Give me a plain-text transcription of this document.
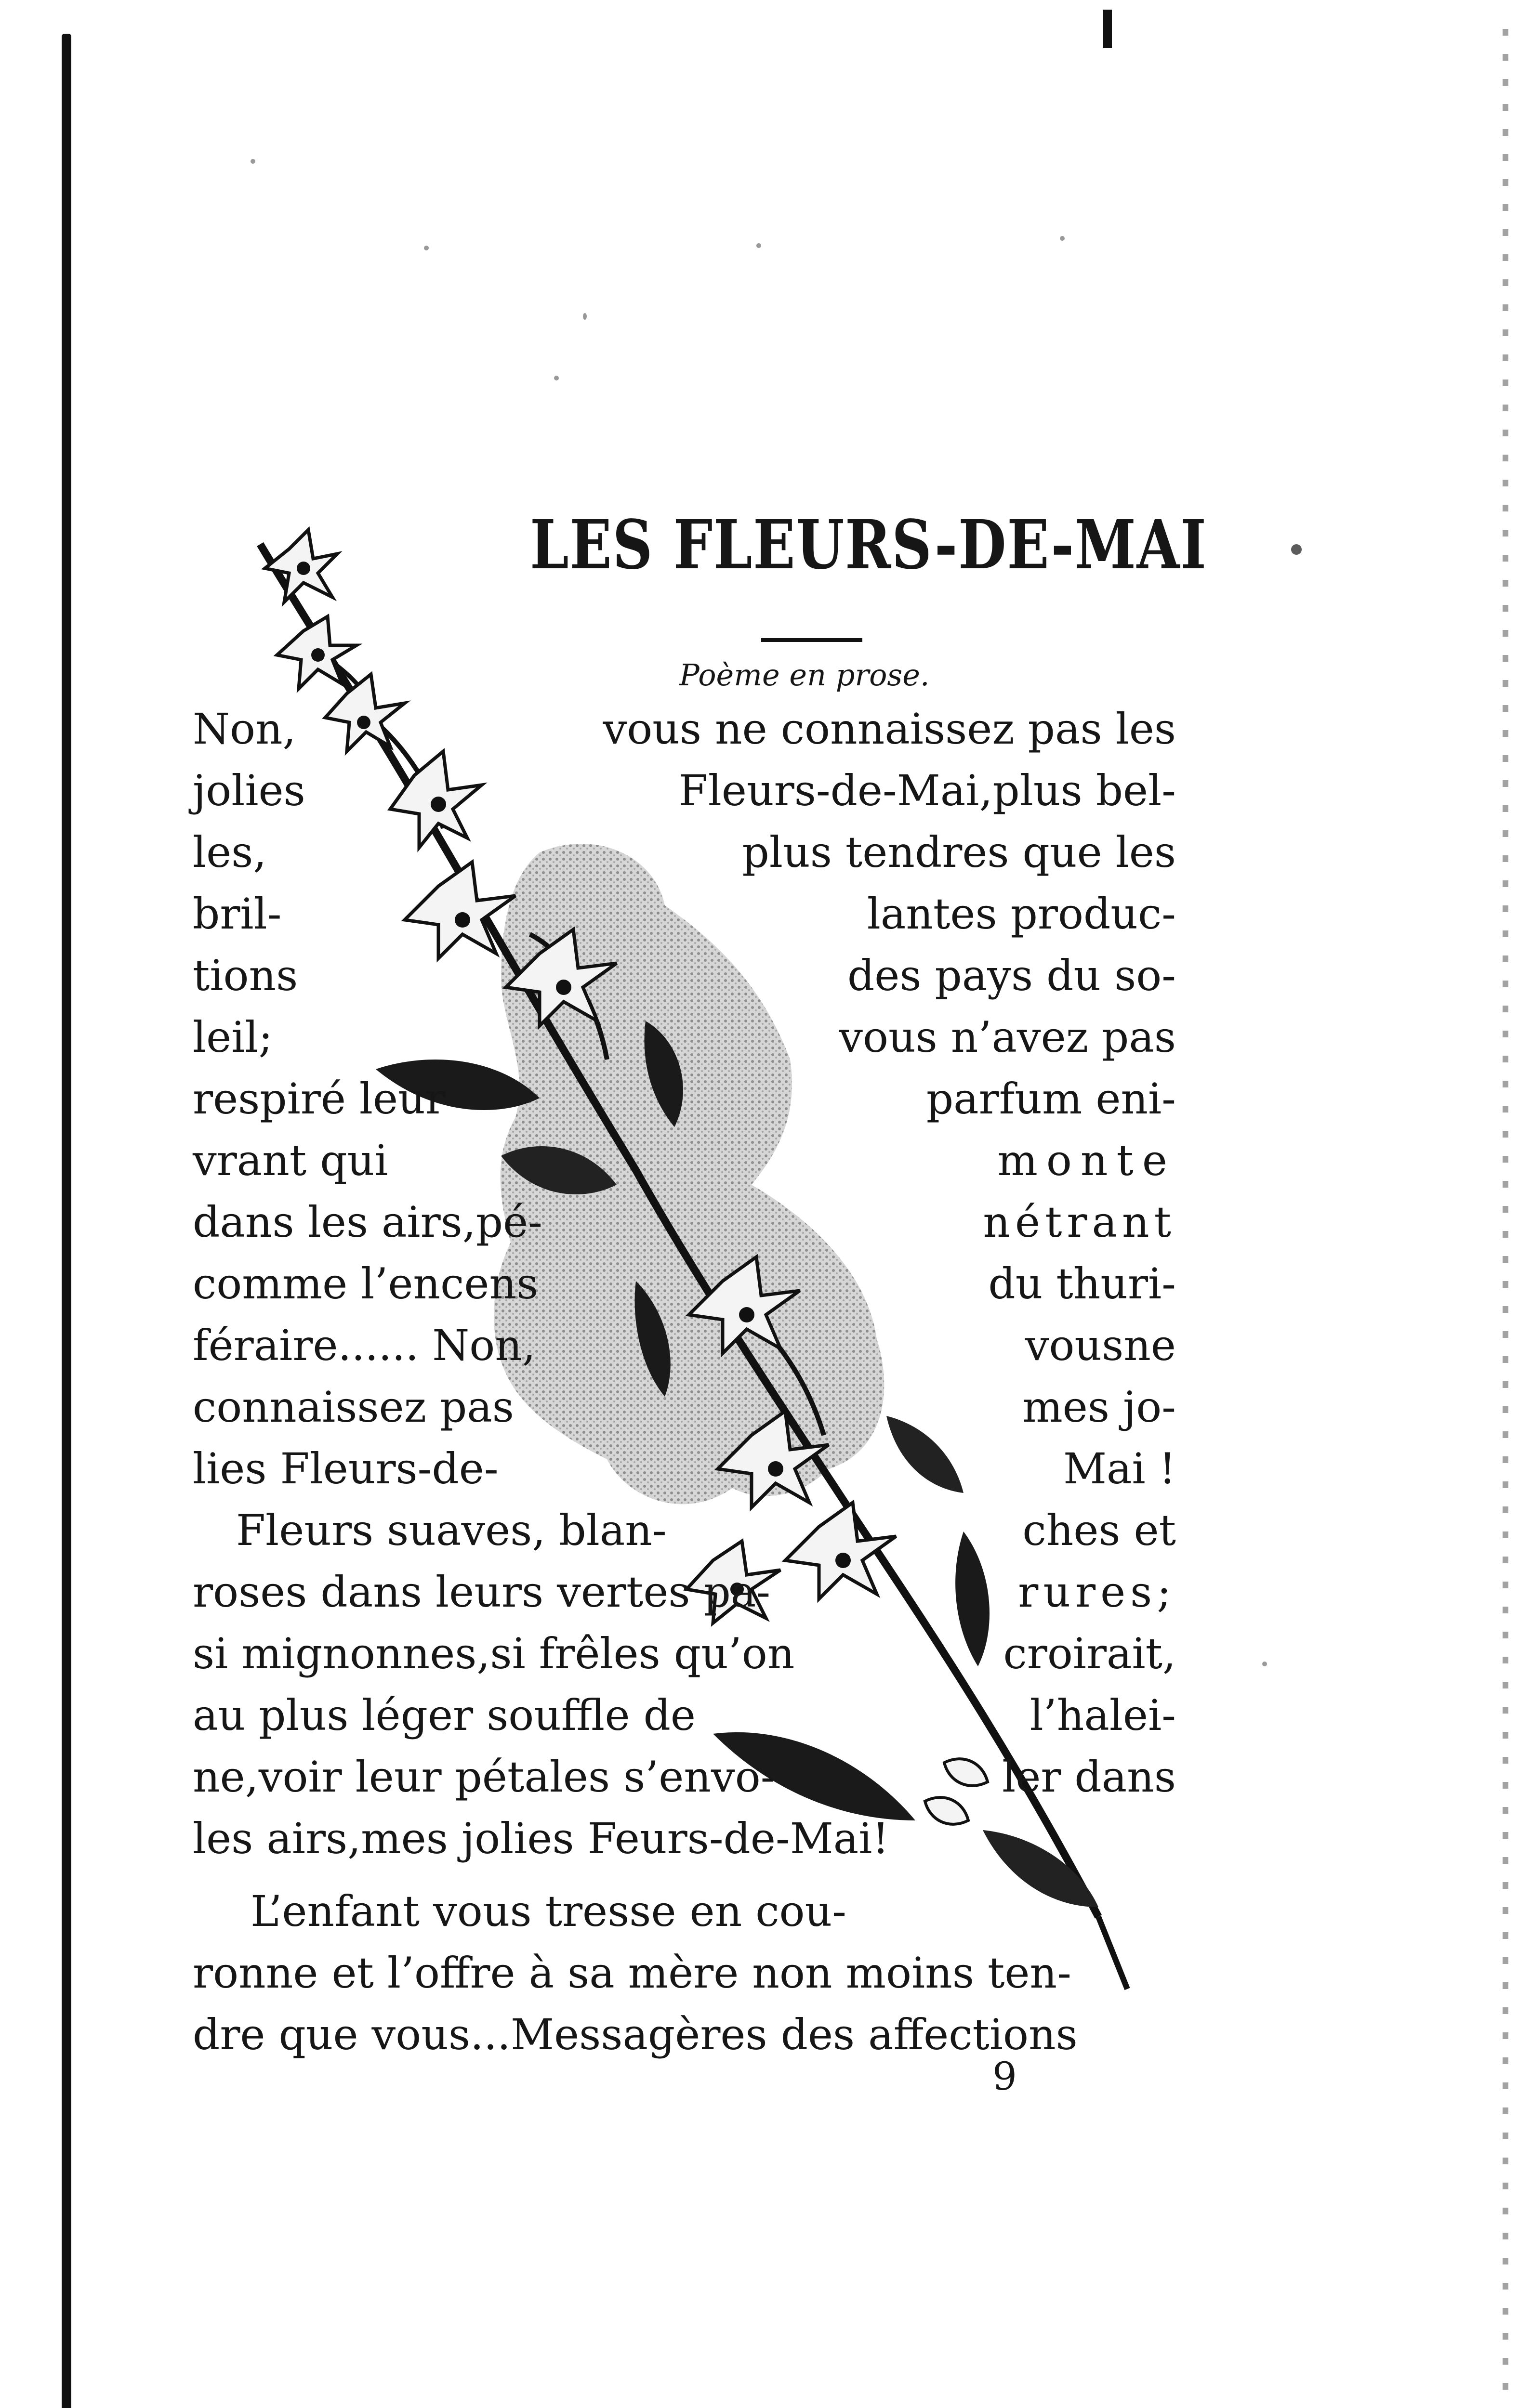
LES FLEURS-DE-MAI
Poème en prose.
Non,
jolies
les,
bril-
tions
leil;
respiré leur
vrant qui
dans les airs,pé-
comme l’encens
féraire...... Non,
connaissez pas
lies Fleurs-de-
Fleurs suaves, blan-
roses dans leurs vertes pa-
si mignonnes,si frêles qu’on
au plus léger souffle de
ne,voir leur pétales s’envo-
les airs,mes jolies Feurs-de-Mai!
vous ne connaissez pas les
Fleurs-de-Mai,plus bel-
plus tendres que les
lantes produc-
des pays du so-
vous n’avez pas
parfum eni-
monte
nétrant
du thuri-
vousne
mes jo-
Mai !
ches et
rures;
croirait,
l’halei-
ler dans
L’enfant vous tresse en cou-
ronne et l’offre à sa mère non moins ten-
dre que vous...Messagères des affections
9
